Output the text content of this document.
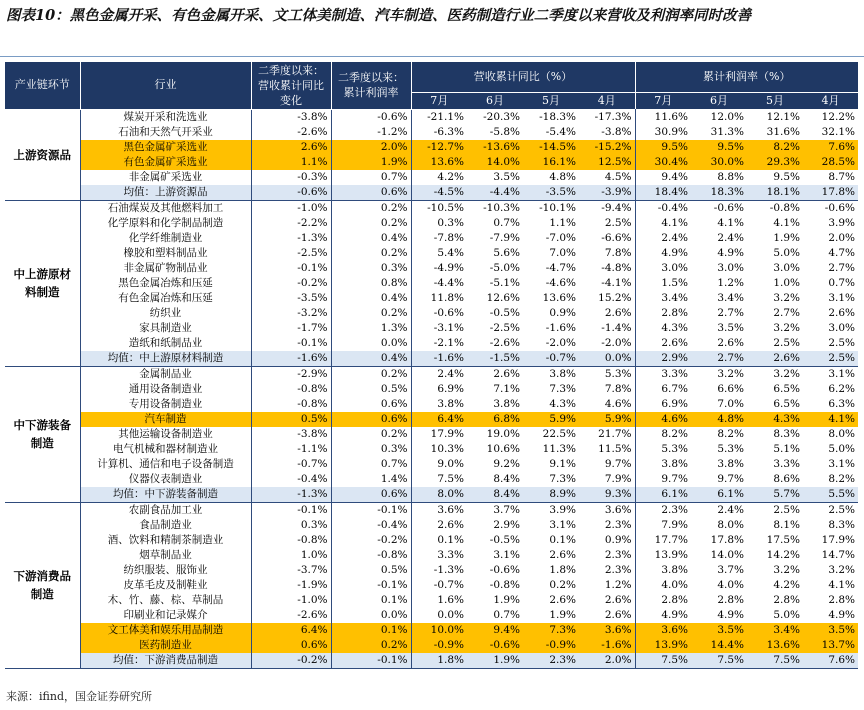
图表10：黑色金属开采、有色金属开采、文工体美制造、汽车制造、医药制造行业二季度以来营收及利润率同时改善
产业链环节	行业	二季度以来：营收累计同比变化	二季度以来：累计利润率	营收累计同比（%）				累计利润率（%）			
				7月	6月	5月	4月	7月	6月	5月	4月
上游资源品	煤炭开采和洗选业	-3.8%	-0.6%	-21.1%	-20.3%	-18.3%	-17.3%	11.6%	12.0%	12.1%	12.2%
	石油和天然气开采业	-2.6%	-1.2%	-6.3%	-5.8%	-5.4%	-3.8%	30.9%	31.3%	31.6%	32.1%
	黑色金属矿采选业	2.6%	2.0%	-12.7%	-13.6%	-14.5%	-15.2%	9.5%	9.5%	8.2%	7.6%
	有色金属矿采选业	1.1%	1.9%	13.6%	14.0%	16.1%	12.5%	30.4%	30.0%	29.3%	28.5%
	非金属矿采选业	-0.3%	0.7%	4.2%	3.5%	4.8%	4.5%	9.4%	8.8%	9.5%	8.7%
	均值：上游资源品	-0.6%	0.6%	-4.5%	-4.4%	-3.5%	-3.9%	18.4%	18.3%	18.1%	17.8%
中上游原材料制造	石油煤炭及其他燃料加工	-1.0%	0.2%	-10.5%	-10.3%	-10.1%	-9.4%	-0.4%	-0.6%	-0.8%	-0.6%
	化学原料和化学制品制造	-2.2%	0.2%	0.3%	0.7%	1.1%	2.5%	4.1%	4.1%	4.1%	3.9%
	化学纤维制造业	-1.3%	0.4%	-7.8%	-7.9%	-7.0%	-6.6%	2.4%	2.4%	1.9%	2.0%
	橡胶和塑料制品业	-2.5%	0.2%	5.4%	5.6%	7.0%	7.8%	4.9%	4.9%	5.0%	4.7%
	非金属矿物制品业	-0.1%	0.3%	-4.9%	-5.0%	-4.7%	-4.8%	3.0%	3.0%	3.0%	2.7%
	黑色金属冶炼和压延	-0.2%	0.8%	-4.4%	-5.1%	-4.6%	-4.1%	1.5%	1.2%	1.0%	0.7%
	有色金属冶炼和压延	-3.5%	0.4%	11.8%	12.6%	13.6%	15.2%	3.4%	3.4%	3.2%	3.1%
	纺织业	-3.2%	0.2%	-0.6%	-0.5%	0.9%	2.6%	2.8%	2.7%	2.7%	2.6%
	家具制造业	-1.7%	1.3%	-3.1%	-2.5%	-1.6%	-1.4%	4.3%	3.5%	3.2%	3.0%
	造纸和纸制品业	-0.1%	0.0%	-2.1%	-2.6%	-2.0%	-2.0%	2.6%	2.6%	2.5%	2.5%
	均值：中上游原材料制造	-1.6%	0.4%	-1.6%	-1.5%	-0.7%	0.0%	2.9%	2.7%	2.6%	2.5%
中下游装备制造	金属制品业	-2.9%	0.2%	2.4%	2.6%	3.8%	5.3%	3.3%	3.2%	3.2%	3.1%
	通用设备制造业	-0.8%	0.5%	6.9%	7.1%	7.3%	7.8%	6.7%	6.6%	6.5%	6.2%
	专用设备制造业	-0.8%	0.6%	3.8%	3.8%	4.3%	4.6%	6.9%	7.0%	6.5%	6.3%
	汽车制造	0.5%	0.6%	6.4%	6.8%	5.9%	5.9%	4.6%	4.8%	4.3%	4.1%
	其他运输设备制造业	-3.8%	0.2%	17.9%	19.0%	22.5%	21.7%	8.2%	8.2%	8.3%	8.0%
	电气机械和器材制造业	-1.1%	0.3%	10.3%	10.6%	11.3%	11.5%	5.3%	5.3%	5.1%	5.0%
	计算机、通信和电子设备制造	-0.7%	0.7%	9.0%	9.2%	9.1%	9.7%	3.8%	3.8%	3.3%	3.1%
	仪器仪表制造业	-0.4%	1.4%	7.5%	8.4%	7.3%	7.9%	9.7%	9.7%	8.6%	8.2%
	均值：中下游装备制造	-1.3%	0.6%	8.0%	8.4%	8.9%	9.3%	6.1%	6.1%	5.7%	5.5%
下游消费品制造	农副食品加工业	-0.1%	-0.1%	3.6%	3.7%	3.9%	3.6%	2.3%	2.4%	2.5%	2.5%
	食品制造业	0.3%	-0.4%	2.6%	2.9%	3.1%	2.3%	7.9%	8.0%	8.1%	8.3%
	酒、饮料和精制茶制造业	-0.8%	-0.2%	0.1%	-0.5%	0.1%	0.9%	17.7%	17.8%	17.5%	17.9%
	烟草制品业	1.0%	-0.8%	3.3%	3.1%	2.6%	2.3%	13.9%	14.0%	14.2%	14.7%
	纺织服装、服饰业	-3.7%	0.5%	-1.3%	-0.6%	1.8%	2.3%	3.8%	3.7%	3.2%	3.2%
	皮革毛皮及制鞋业	-1.9%	-0.1%	-0.7%	-0.8%	0.2%	1.2%	4.0%	4.0%	4.2%	4.1%
	木、竹、藤、棕、草制品	-1.0%	0.1%	1.6%	1.9%	2.6%	2.6%	2.8%	2.8%	2.8%	2.8%
	印刷业和记录媒介	-2.6%	0.0%	0.0%	0.7%	1.9%	2.6%	4.9%	4.9%	5.0%	4.9%
	文工体美和娱乐用品制造	6.4%	0.1%	10.0%	9.4%	7.3%	3.6%	3.6%	3.5%	3.4%	3.5%
	医药制造业	0.6%	0.2%	-0.9%	-0.6%	-0.9%	-1.6%	13.9%	14.4%	13.6%	13.7%
	均值：下游消费品制造	-0.2%	-0.1%	1.8%	1.9%	2.3%	2.0%	7.5%	7.5%	7.5%	7.6%
来源：ifind，国金证券研究所
